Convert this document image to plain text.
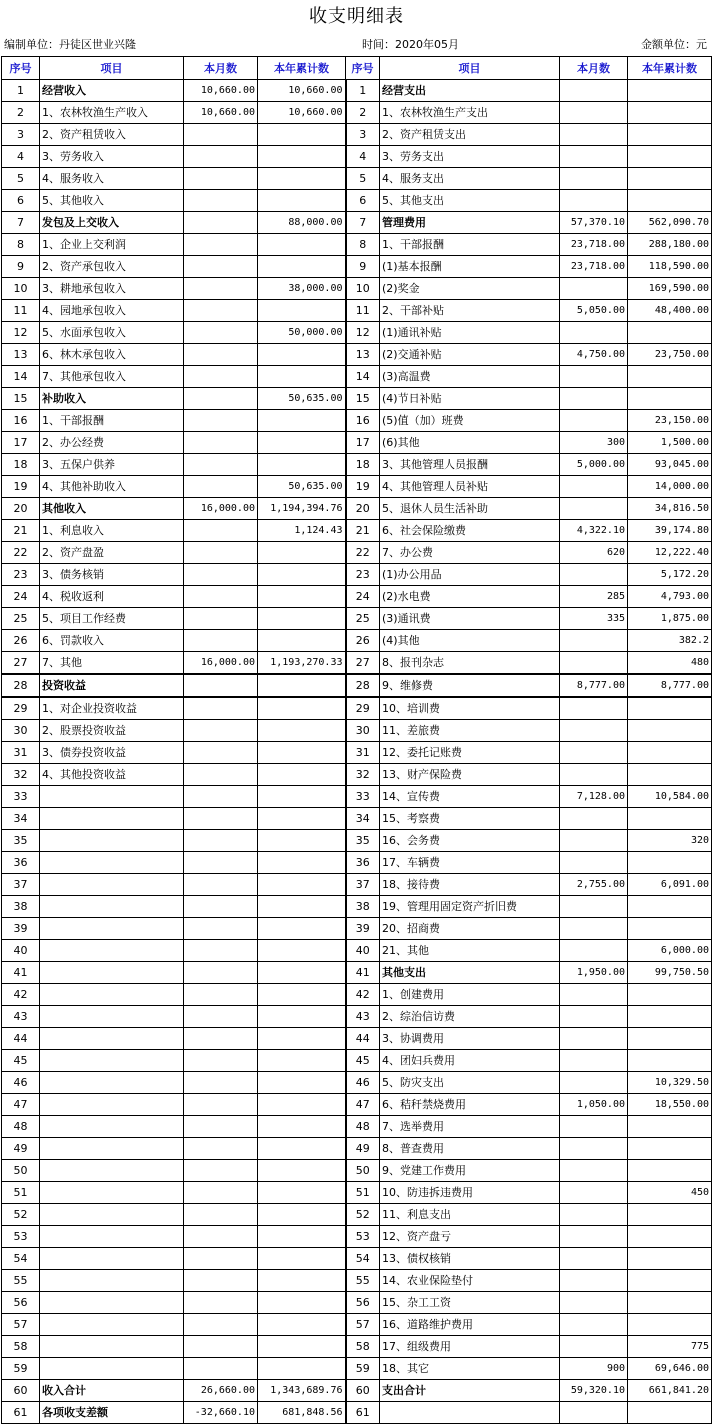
收支明细表
编制单位：丹徒区世业兴隆	时间：2020年05月	金额单位：元
序号	项目	本月数	本年累计数	序号	项目	本月数	本年累计数
1	经营收入	10,660.00	10,660.00	1	经营支出		
2	1、农林牧渔生产收入	10,660.00	10,660.00	2	1、农林牧渔生产支出		
3	2、资产租赁收入			3	2、资产租赁支出		
4	3、劳务收入			4	3、劳务支出		
5	4、服务收入			5	4、服务支出		
6	5、其他收入			6	5、其他支出		
7	发包及上交收入		88,000.00	7	管理费用	57,370.10	562,090.70
8	1、企业上交利润			8	1、干部报酬	23,718.00	288,180.00
9	2、资产承包收入			9	(1)基本报酬	23,718.00	118,590.00
10	3、耕地承包收入		38,000.00	10	(2)奖金		169,590.00
11	4、园地承包收入			11	2、干部补贴	5,050.00	48,400.00
12	5、水面承包收入		50,000.00	12	(1)通讯补贴		
13	6、林木承包收入			13	(2)交通补贴	4,750.00	23,750.00
14	7、其他承包收入			14	(3)高温费		
15	补助收入		50,635.00	15	(4)节日补贴		
16	1、干部报酬			16	(5)值（加）班费		23,150.00
17	2、办公经费			17	(6)其他	300	1,500.00
18	3、五保户供养			18	3、其他管理人员报酬	5,000.00	93,045.00
19	4、其他补助收入		50,635.00	19	4、其他管理人员补贴		14,000.00
20	其他收入	16,000.00	1,194,394.76	20	5、退休人员生活补助		34,816.50
21	1、利息收入		1,124.43	21	6、社会保险缴费	4,322.10	39,174.80
22	2、资产盘盈			22	7、办公费	620	12,222.40
23	3、债务核销			23	(1)办公用品		5,172.20
24	4、税收返利			24	(2)水电费	285	4,793.00
25	5、项目工作经费			25	(3)通讯费	335	1,875.00
26	6、罚款收入			26	(4)其他		382.2
27	7、其他	16,000.00	1,193,270.33	27	8、报刊杂志		480
28	投资收益			28	9、维修费	8,777.00	8,777.00
29	1、对企业投资收益			29	10、培训费		
30	2、股票投资收益			30	11、差旅费		
31	3、债券投资收益			31	12、委托记账费		
32	4、其他投资收益			32	13、财产保险费		
33				33	14、宣传费	7,128.00	10,584.00
34				34	15、考察费		
35				35	16、会务费		320
36				36	17、车辆费		
37				37	18、接待费	2,755.00	6,091.00
38				38	19、管理用固定资产折旧费		
39				39	20、招商费		
40				40	21、其他		6,000.00
41				41	其他支出	1,950.00	99,750.50
42				42	1、创建费用		
43				43	2、综治信访费		
44				44	3、协调费用		
45				45	4、团妇兵费用		
46				46	5、防灾支出		10,329.50
47				47	6、秸秆禁烧费用	1,050.00	18,550.00
48				48	7、选举费用		
49				49	8、普查费用		
50				50	9、党建工作费用		
51				51	10、防违拆违费用		450
52				52	11、利息支出		
53				53	12、资产盘亏		
54				54	13、债权核销		
55				55	14、农业保险垫付		
56				56	15、杂工工资		
57				57	16、道路维护费用		
58				58	17、组级费用		775
59				59	18、其它	900	69,646.00
60	收入合计	26,660.00	1,343,689.76	60	支出合计	59,320.10	661,841.20
61	各项收支差额	-32,660.10	681,848.56	61			
